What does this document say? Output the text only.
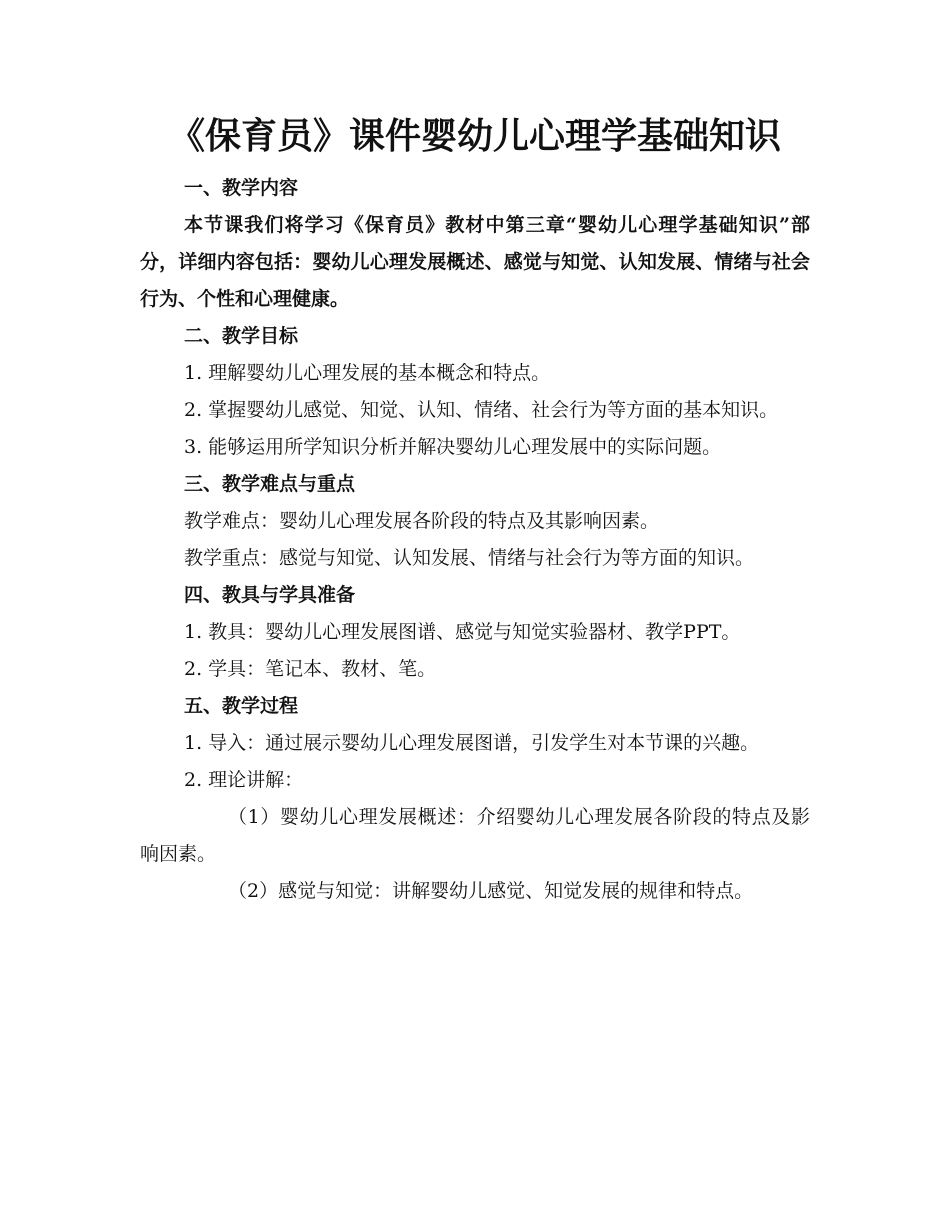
《保育员》课件婴幼儿心理学基础知识

一、教学内容

本节课我们将学习《保育员》教材中第三章“婴幼儿心理学基础知识”部分，详细内容包括：婴幼儿心理发展概述、感觉与知觉、认知发展、情绪与社会行为、个性和心理健康。

二、教学目标

1. 理解婴幼儿心理发展的基本概念和特点。

2. 掌握婴幼儿感觉、知觉、认知、情绪、社会行为等方面的基本知识。

3. 能够运用所学知识分析并解决婴幼儿心理发展中的实际问题。

三、教学难点与重点

教学难点：婴幼儿心理发展各阶段的特点及其影响因素。

教学重点：感觉与知觉、认知发展、情绪与社会行为等方面的知识。

四、教具与学具准备

1. 教具：婴幼儿心理发展图谱、感觉与知觉实验器材、教学PPT。

2. 学具：笔记本、教材、笔。

五、教学过程

1. 导入：通过展示婴幼儿心理发展图谱，引发学生对本节课的兴趣。

2. 理论讲解：

（1）婴幼儿心理发展概述：介绍婴幼儿心理发展各阶段的特点及影响因素。

（2）感觉与知觉：讲解婴幼儿感觉、知觉发展的规律和特点。
